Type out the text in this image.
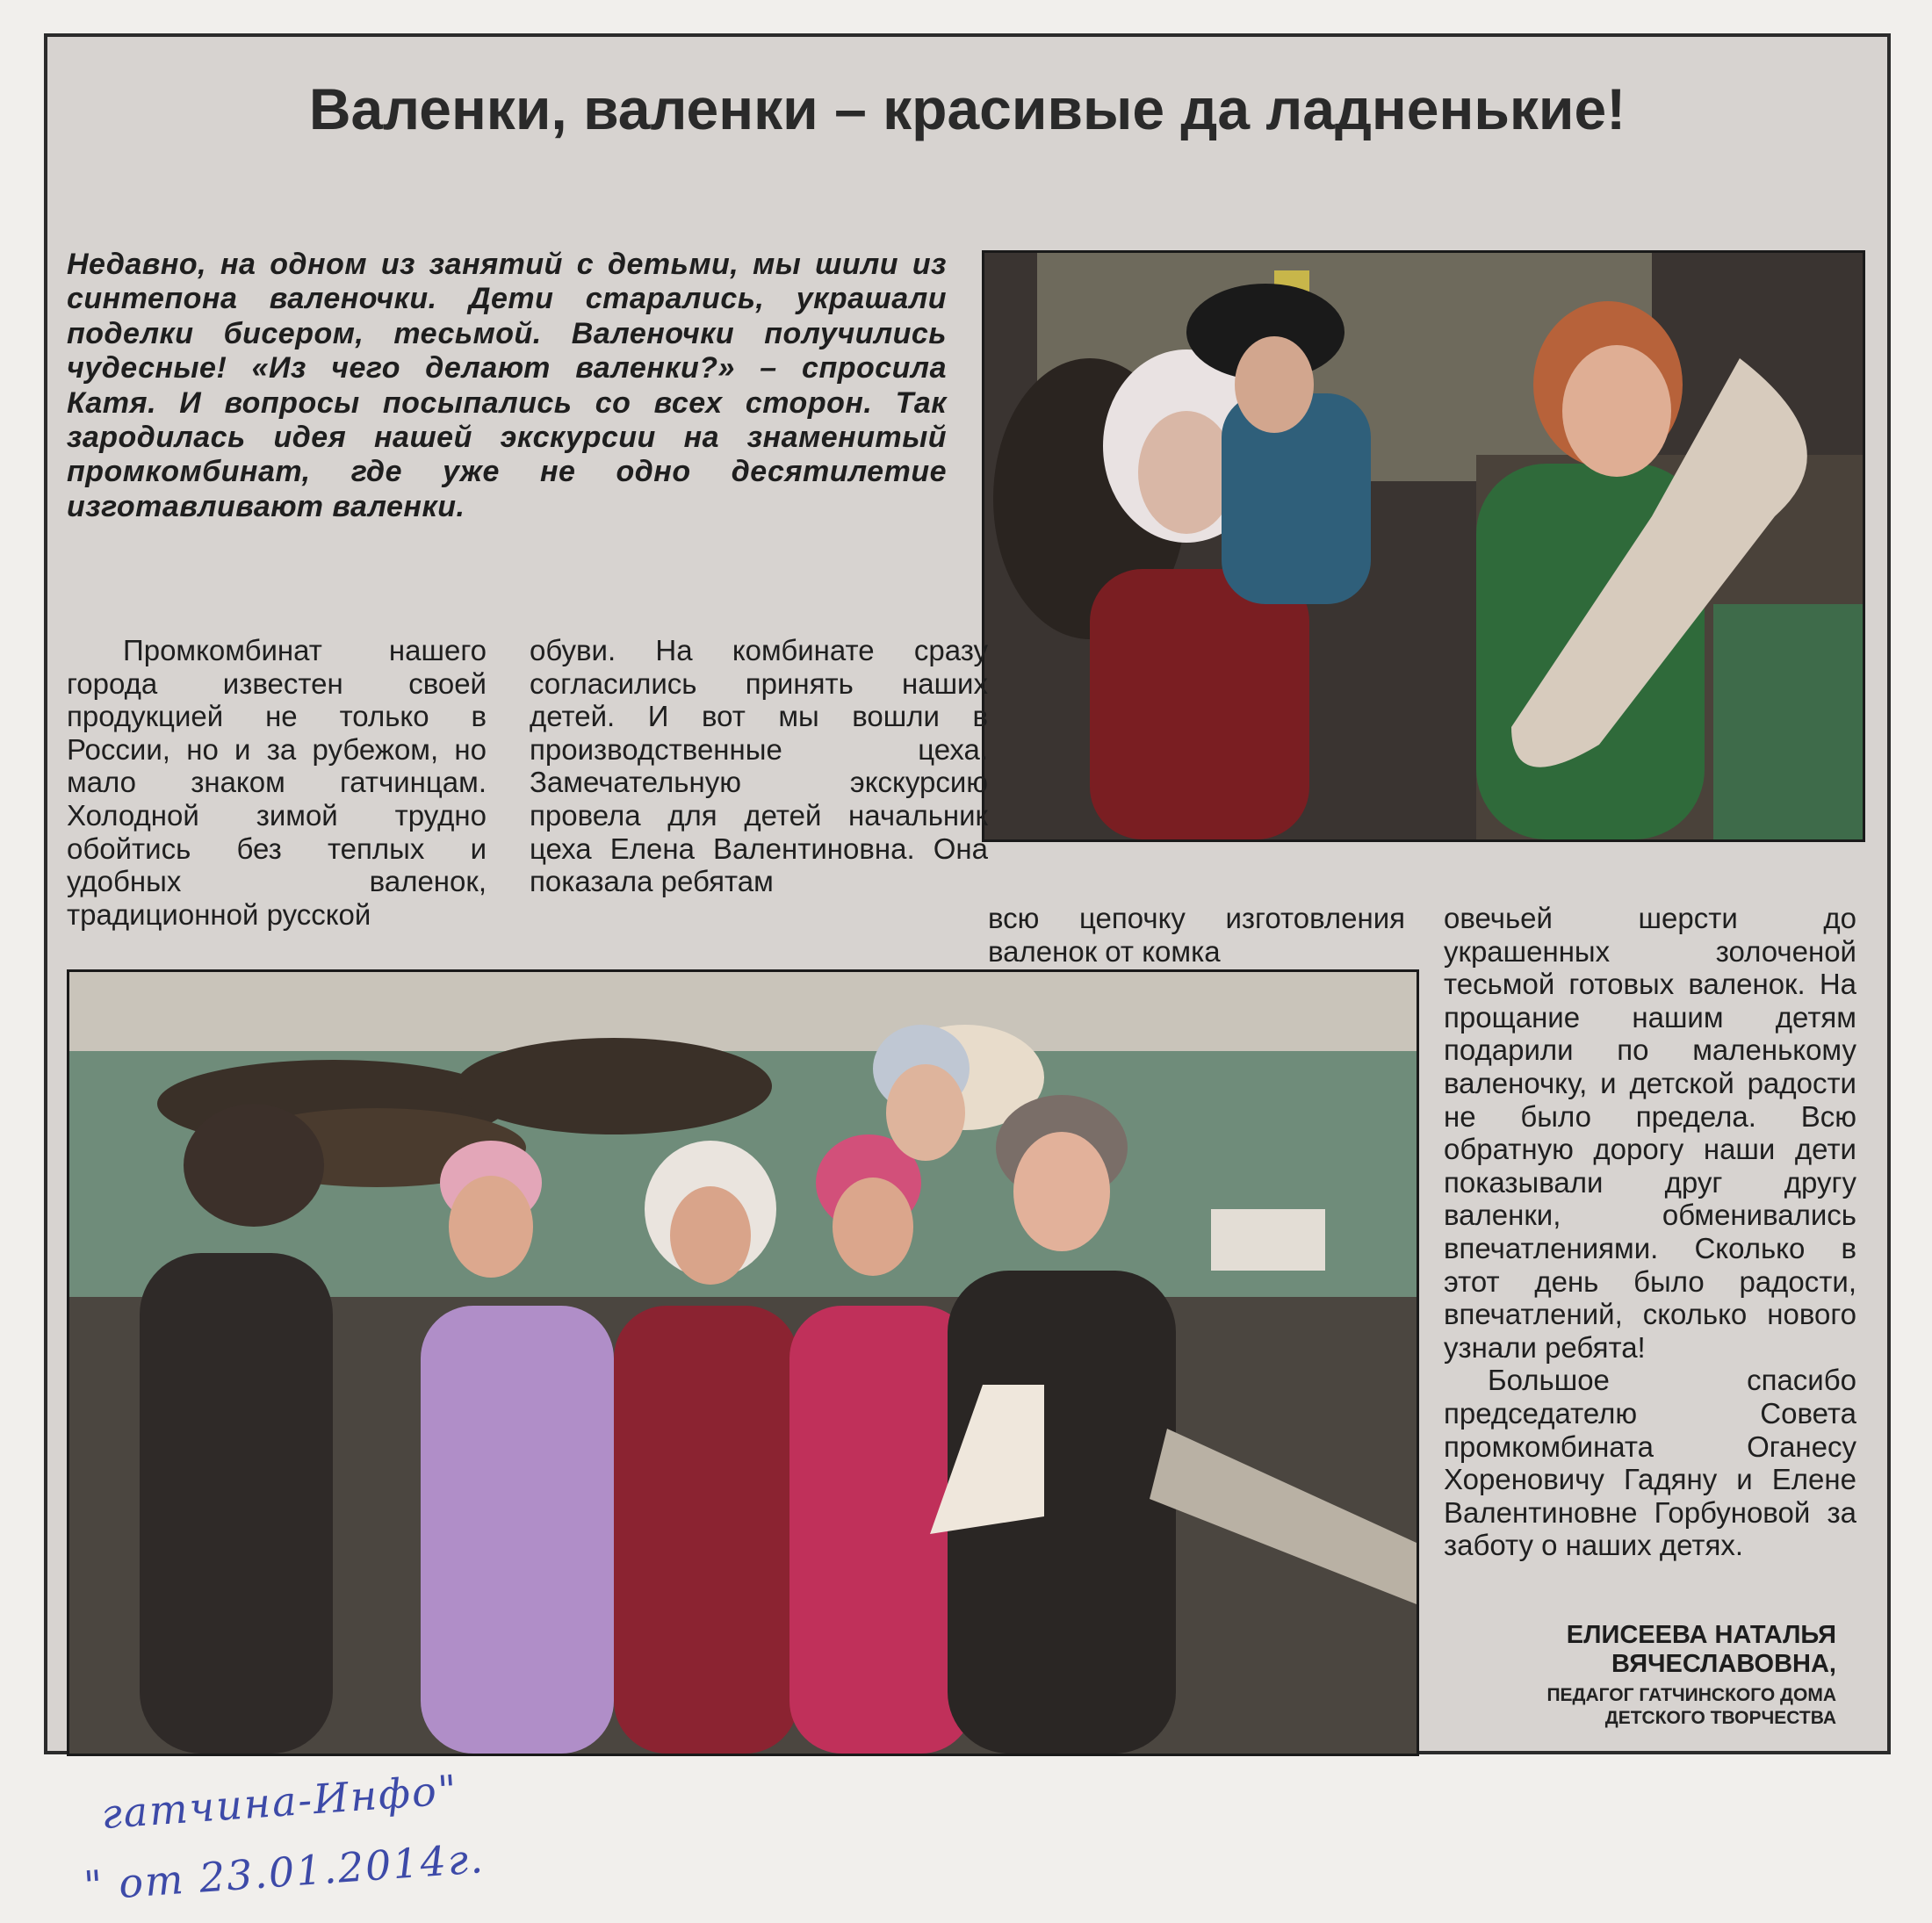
Валенки, валенки – красивые да ладненькие!

Недавно, на одном из занятий с детьми, мы шили из синтепона валеночки. Дети старались, украшали поделки бисером, тесьмой. Валеночки получились чудесные! «Из чего делают валенки?» – спросила Катя. И вопросы посыпались со всех сторон. Так зародилась идея нашей экскурсии на знаменитый промкомбинат, где уже не одно десятилетие изготавливают валенки.

Промкомбинат нашего города известен своей продукцией не только в России, но и за рубежом, но мало знаком гатчинцам. Холодной зимой трудно обойтись без теплых и удобных валенок, традиционной русской

обуви. На комбинате сразу согласились принять наших детей. И вот мы вошли в производственные цеха. Замечательную экскурсию провела для детей начальник цеха Елена Валентиновна. Она показала ребятам

всю цепочку изготовления валенок от комка

овечьей шерсти до украшенных золоченой тесьмой готовых валенок. На прощание нашим детям подарили по маленькому валеночку, и детской радости не было предела. Всю обратную дорогу наши дети показывали друг другу валенки, обменивались впечатлениями. Сколько в этот день было радости, впечатлений, сколько нового узнали ребята!
Большое спасибо председателю Совета промкомбината Оганесу Хореновичу Гадяну и Елене Валентиновне Горбуновой за заботу о наших детях.

ЕЛИСЕЕВА НАТАЛЬЯ
ВЯЧЕСЛАВОВНА,

ПЕДАГОГ ГАТЧИНСКОГО ДОМА
ДЕТСКОГО ТВОРЧЕСТВА

гатчина-Инфо"

" от 23.01.2014г.
